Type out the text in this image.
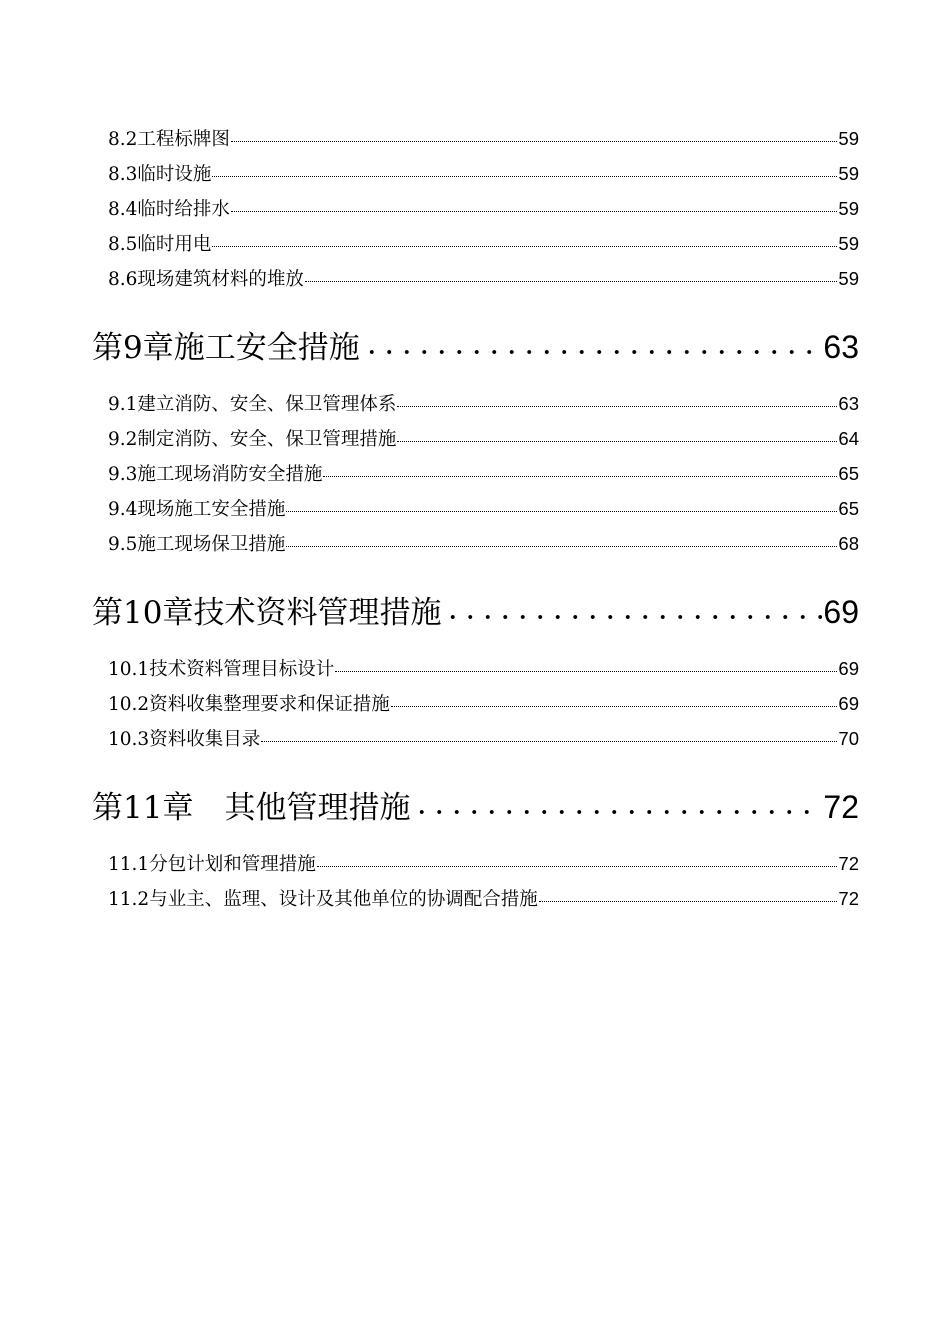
8.2工程标牌图	59
8.3临时设施	59
8.4临时给排水	59
8.5临时用电	59
8.6现场建筑材料的堆放	59
第9章施工安全措施	63
9.1建立消防、安全、保卫管理体系	63
9.2制定消防、安全、保卫管理措施	64
9.3施工现场消防安全措施	65
9.4现场施工安全措施	65
9.5施工现场保卫措施	68
第10章技术资料管理措施	69
10.1技术资料管理目标设计	69
10.2资料收集整理要求和保证措施	69
10.3资料收集目录	70
第11章　其他管理措施	72
11.1分包计划和管理措施	72
11.2与业主、监理、设计及其他单位的协调配合措施	72
